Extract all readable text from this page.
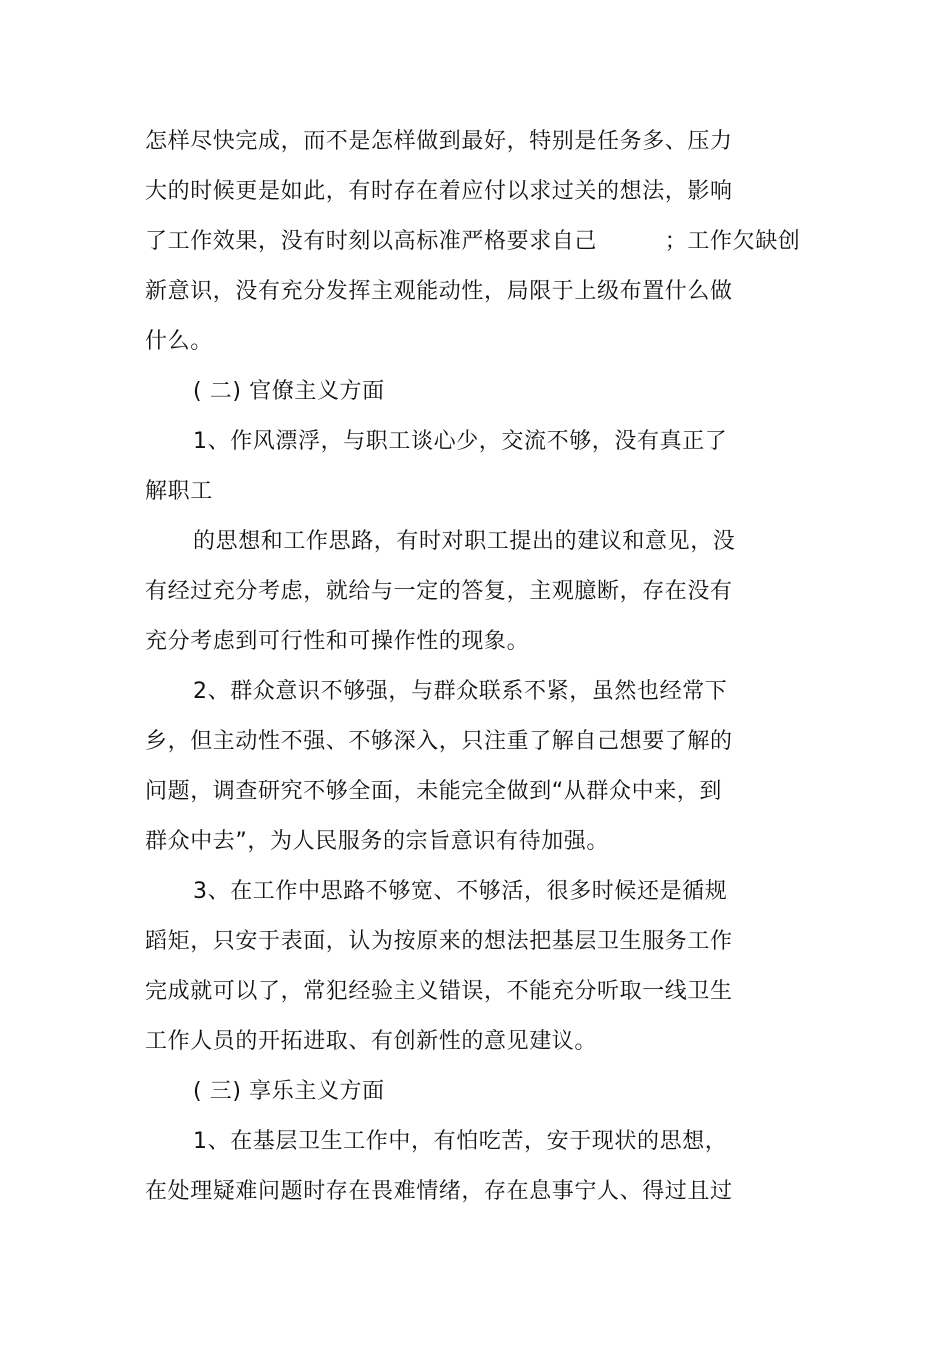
怎样尽快完成，而不是怎样做到最好，特别是任务多、压力
大的时候更是如此，有时存在着应付以求过关的想法，影响
了工作效果，没有时刻以高标准严格要求自己　　　；工作欠缺创
新意识，没有充分发挥主观能动性，局限于上级布置什么做
什么。
( 二) 官僚主义方面
1、作风漂浮，与职工谈心少，交流不够，没有真正了
解职工
的思想和工作思路，有时对职工提出的建议和意见，没
有经过充分考虑，就给与一定的答复，主观臆断，存在没有
充分考虑到可行性和可操作性的现象。
2、群众意识不够强，与群众联系不紧，虽然也经常下
乡，但主动性不强、不够深入，只注重了解自己想要了解的
问题，调查研究不够全面，未能完全做到“从群众中来，到
群众中去”，为人民服务的宗旨意识有待加强。
3、在工作中思路不够宽、不够活，很多时候还是循规
蹈矩，只安于表面，认为按原来的想法把基层卫生服务工作
完成就可以了，常犯经验主义错误，不能充分听取一线卫生
工作人员的开拓进取、有创新性的意见建议。
( 三) 享乐主义方面
1、在基层卫生工作中，有怕吃苦，安于现状的思想，
在处理疑难问题时存在畏难情绪，存在息事宁人、得过且过
